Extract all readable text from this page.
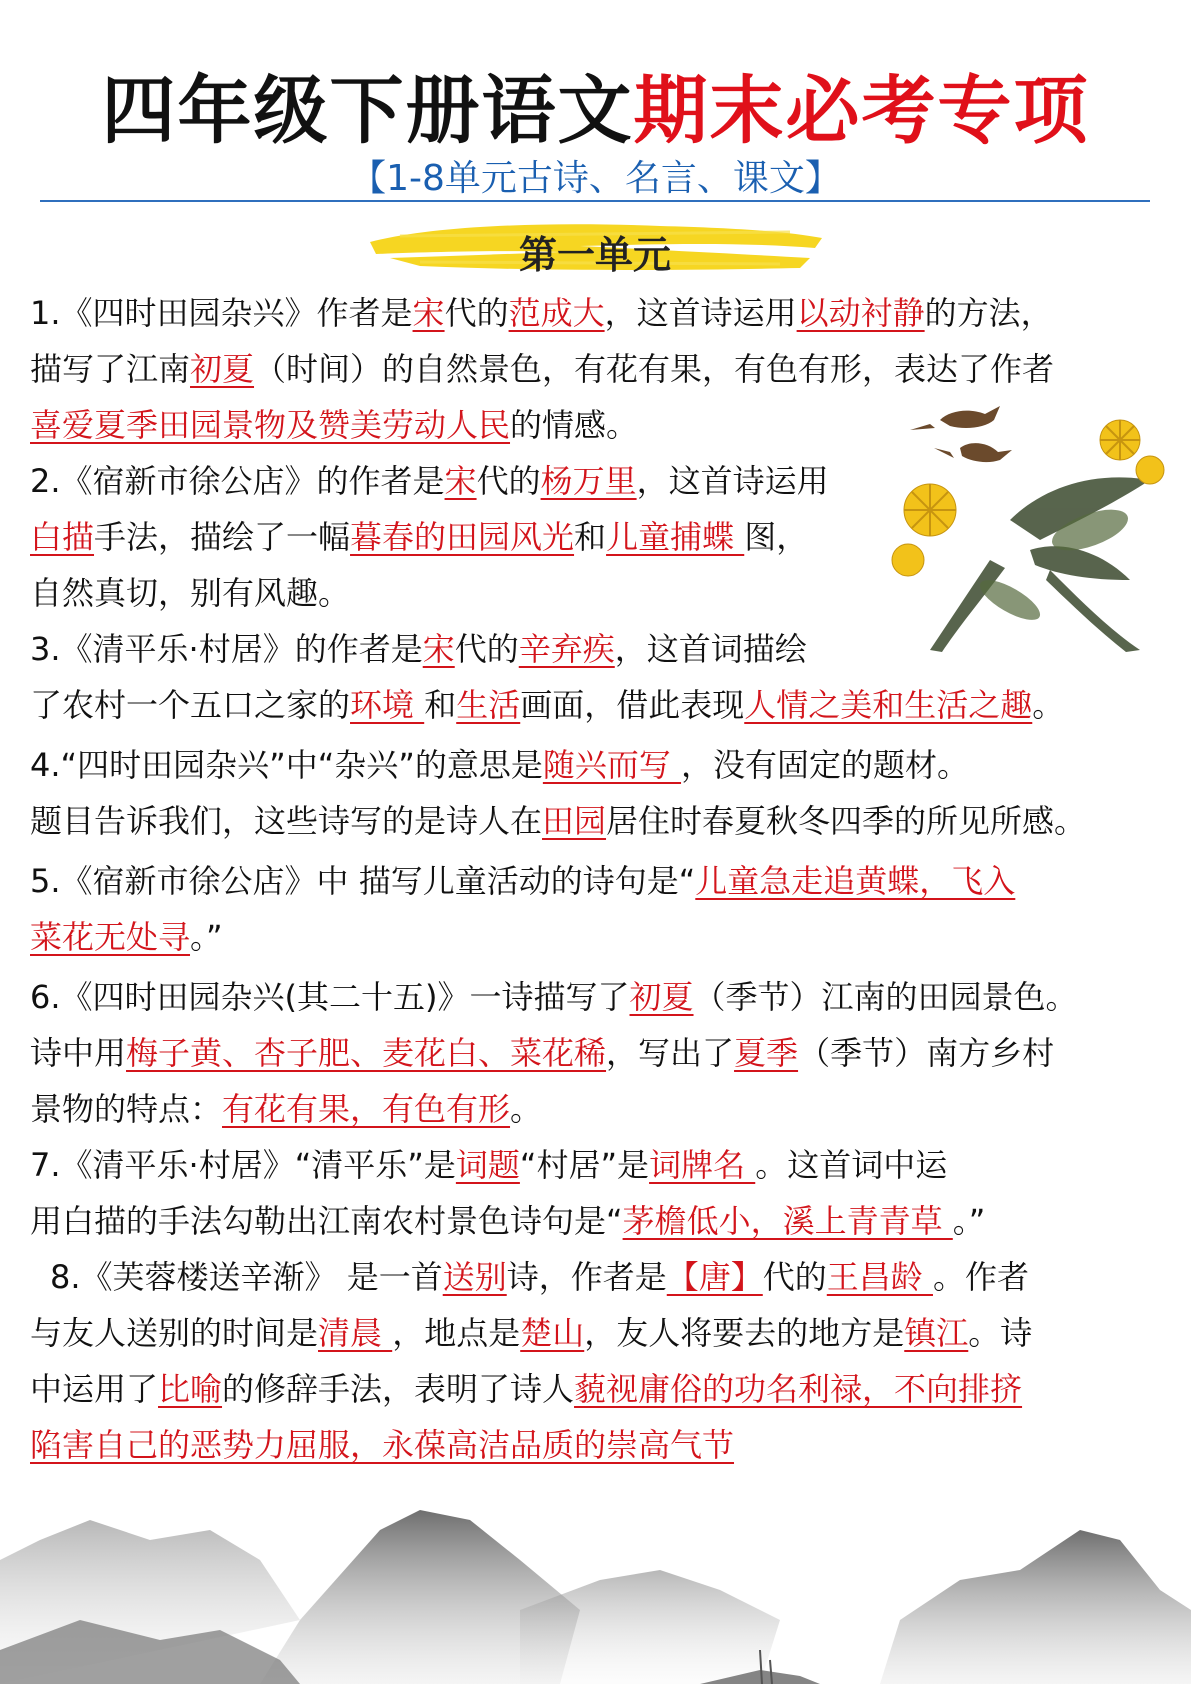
四年级下册语文期末必考专项
【1-8单元古诗、名言、课文】
第一单元
1.《四时田园杂兴》作者是宋代的范成大，这首诗运用以动衬静的方法，
描写了江南初夏（时间）的自然景色，有花有果，有色有形，表达了作者
喜爱夏季田园景物及赞美劳动人民的情感。
2.《宿新市徐公店》的作者是宋代的杨万里，这首诗运用
白描手法，描绘了一幅暮春的田园风光和儿童捕蝶 图，
自然真切，别有风趣。
3.《清平乐·村居》的作者是宋代的辛弃疾，这首词描绘
了农村一个五口之家的环境 和生活画面，借此表现人情之美和生活之趣。
4.“四时田园杂兴”中“杂兴”的意思是随兴而写 ，没有固定的题材。
题目告诉我们，这些诗写的是诗人在田园居住时春夏秋冬四季的所见所感。
5.《宿新市徐公店》中 描写儿童活动的诗句是“儿童急走追黄蝶，飞入
菜花无处寻。”
6.《四时田园杂兴(其二十五)》一诗描写了初夏（季节）江南的田园景色。
诗中用梅子黄、杏子肥、麦花白、菜花稀，写出了夏季（季节）南方乡村
景物的特点：有花有果，有色有形。
7.《清平乐·村居》“清平乐”是词题“村居”是词牌名 。这首词中运
用白描的手法勾勒出江南农村景色诗句是“茅檐低小，溪上青青草 。”
8.《芙蓉楼送辛渐》 是一首送别诗，作者是【唐】代的王昌龄 。作者
与友人送别的时间是清晨 ，地点是楚山，友人将要去的地方是镇江。诗
中运用了比喻的修辞手法，表明了诗人藐视庸俗的功名利禄，不向排挤
陷害自己的恶势力屈服，永葆高洁品质的崇高气节
